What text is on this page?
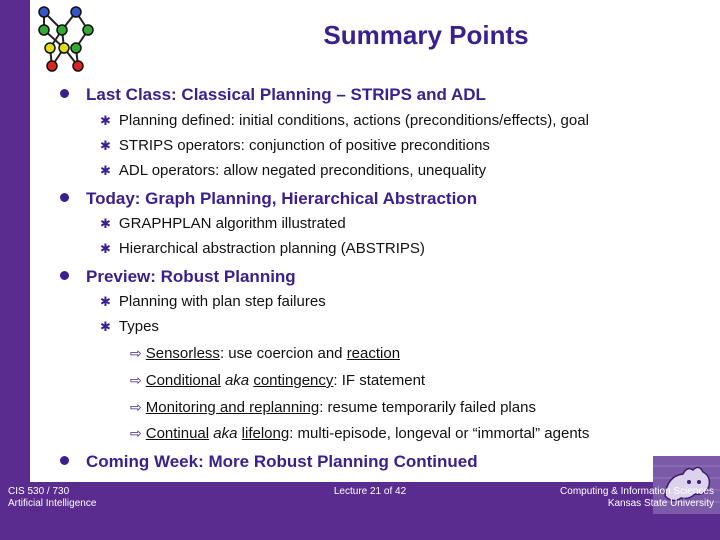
Summary Points
Last Class: Classical Planning – STRIPS and ADL
✱ Planning defined: initial conditions, actions (preconditions/effects), goal
✱ STRIPS operators: conjunction of positive preconditions
✱ ADL operators: allow negated preconditions, unequality
Today: Graph Planning, Hierarchical Abstraction
✱ GRAPHPLAN algorithm illustrated
✱ Hierarchical abstraction planning (ABSTRIPS)
Preview: Robust Planning
✱ Planning with plan step failures
✱ Types
⇨ Sensorless: use coercion and reaction
⇨ Conditional aka contingency: IF statement
⇨ Monitoring and replanning: resume temporarily failed plans
⇨ Continual aka lifelong: multi-episode, longeval or “immortal” agents
Coming Week: More Robust Planning Continued
CIS 530 / 730
Artificial Intelligence
Lecture 21 of 42	Computing & Information Sciences
Kansas State University
